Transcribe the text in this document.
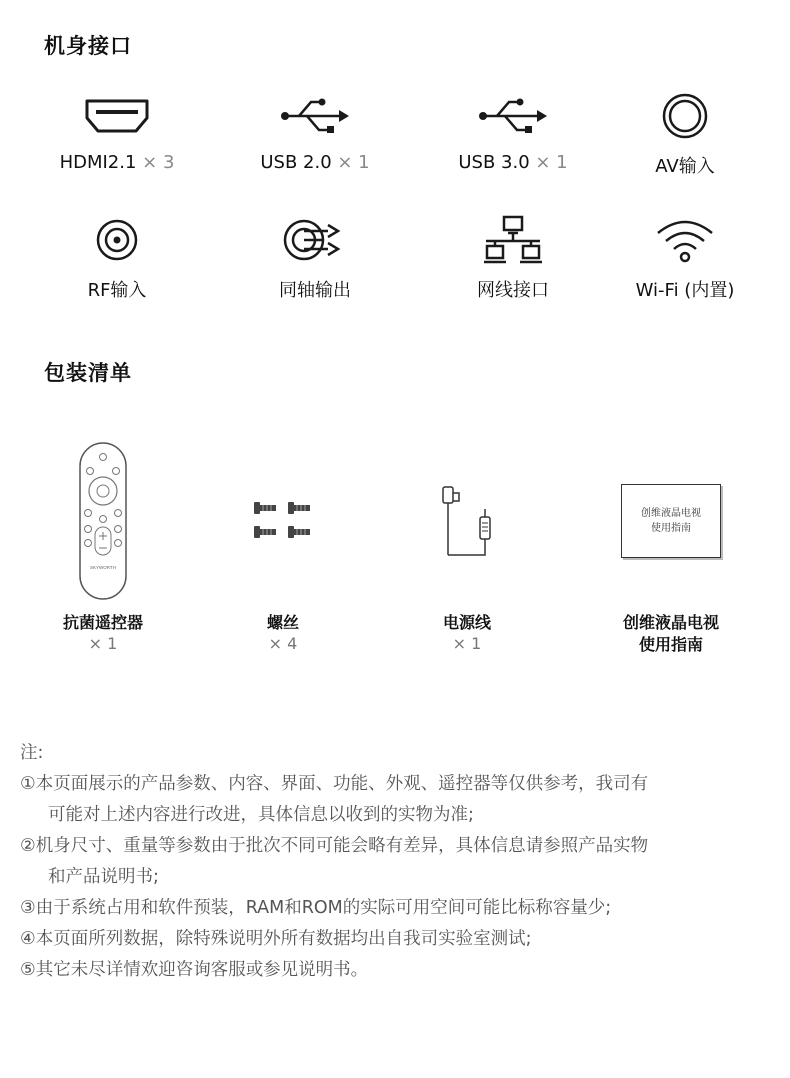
机身接口
HDMI2.1 × 3	USB 2.0 × 1	USB 3.0 × 1	AV输入
RF输入	同轴输出	网线接口	Wi-Fi (内置)
包装清单
SKYWORTH
抗菌遥控器
× 1
螺丝
× 4
电源线
× 1
创维液晶电视
使用指南
创维液晶电视
使用指南
注:
①本页面展示的产品参数、内容、界面、功能、外观、遥控器等仅供参考，我司有
可能对上述内容进行改进，具体信息以收到的实物为准;
②机身尺寸、重量等参数由于批次不同可能会略有差异，具体信息请参照产品实物
和产品说明书;
③由于系统占用和软件预装，RAM和ROM的实际可用空间可能比标称容量少;
④本页面所列数据，除特殊说明外所有数据均出自我司实验室测试;
⑤其它未尽详情欢迎咨询客服或参见说明书。
